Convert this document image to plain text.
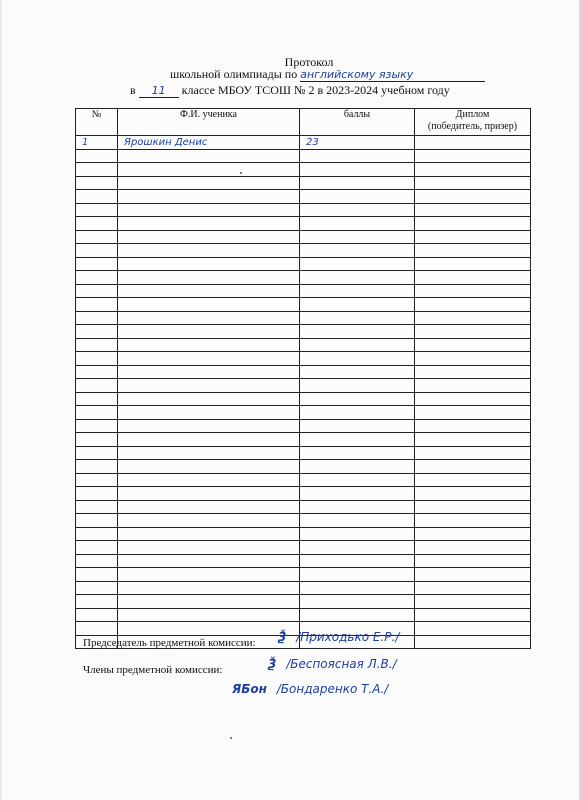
Протокол
школьной олимпиады по английскому языку
в 11 классе МБОУ ТСОШ № 2 в 2023-2024 учебном году
№	Ф.И. ученика	баллы	Диплом
(победитель, призер)
1	Ярошкин Денис	23	

Председатель предметной комиссии: Ѯ /Приходько Е.Р./
Члены предметной комиссии:	Ѯ /Беспоясная Л.В./
ЯБон /Бондаренко Т.А./
